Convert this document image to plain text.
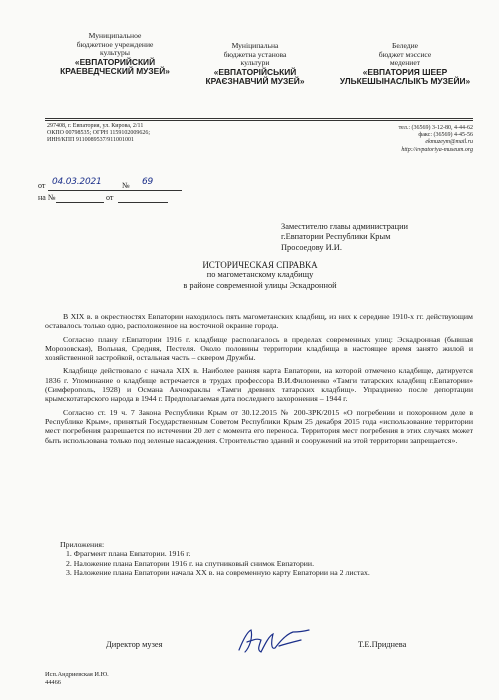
Муниципальное
бюджетное учреждение
культуры
«ЕВПАТОРИЙСКИЙ
КРАЕВЕДЧЕСКИЙ МУЗЕЙ»
Муніципальна
бюджетна установа
культури
«ЕВПАТОРІЙСЬКИЙ
КРАЄЗНАВЧИЙ МУЗЕЙ»
Беледие
бюджет мэссисе
медениет
«ЕВПАТОРИЯ ШЕЕР
УЛЬКЕШЫНАСЛЫКЪ МУЗЕЙИ»
297408, г. Евпатория, ул. Кирова, 2/11
ОКПО 00798535; ОГРН 1159102009626;
ИНН/КПП 9110089537/911001001
тел.: (36569) 3-12-80, 4-44-62
факс: (36569) 4-45-56
ekmuzeym@mail.ru
http://evpatoriya-museum.org
от 04.03.2021	№ 69
на №	от
Заместителю главы администрации
г.Евпатории Республики Крым
Просоедову И.И.
ИСТОРИЧЕСКАЯ СПРАВКА
по магометанскому кладбищу
в районе современной улицы Эскадронной

В XIX в. в окрестностях Евпатории находилось пять магометанских кладбищ, из них к середине 1910-х гг. действующим оставалось только одно, расположенное на восточной окраине города.

Согласно плану г.Евпатории 1916 г. кладбище располагалось в пределах современных улиц: Эскадронная (бывшая Морозовская), Вольная, Средняя, Пестеля. Около половины территории кладбища в настоящее время занято жилой и хозяйственной застройкой, остальная часть – сквером Дружбы.

Кладбище действовало с начала XIX в. Наиболее ранняя карта Евпатории, на которой отмечено кладбище, датируется 1836 г. Упоминание о кладбище встречается в трудах профессора В.И.Филоненко «Тамги татарских кладбищ г.Евпатории» (Симферополь, 1928) и Османа Акчокраклы «Тамги древних татарских кладбищ». Упразднено после депортации крымскотатарского народа в 1944 г. Предполагаемая дата последнего захоронения – 1944 г.

Согласно ст. 19 ч. 7 Закона Республики Крым от 30.12.2015 № 200-ЗРК/2015 «О погребении и похоронном деле в Республике Крым», принятый Государственным Советом Республики Крым 25 декабря 2015 года «использование территории мест погребения разрешается по истечении 20 лет с момента его переноса. Территория мест погребения в этих случаях может быть использована только под зеленые насаждения. Строительство зданий и сооружений на этой территории запрещается».

Приложения:
1. Фрагмент плана Евпатории. 1916 г.
2. Наложение плана Евпатории 1916 г. на спутниковый снимок Евпатории.
3. Наложение плана Евпатории начала XX в. на современную карту Евпатории на 2 листах.
Директор музея	Т.Е.Приднева
Исп.Андриевская И.Ю.
44466
